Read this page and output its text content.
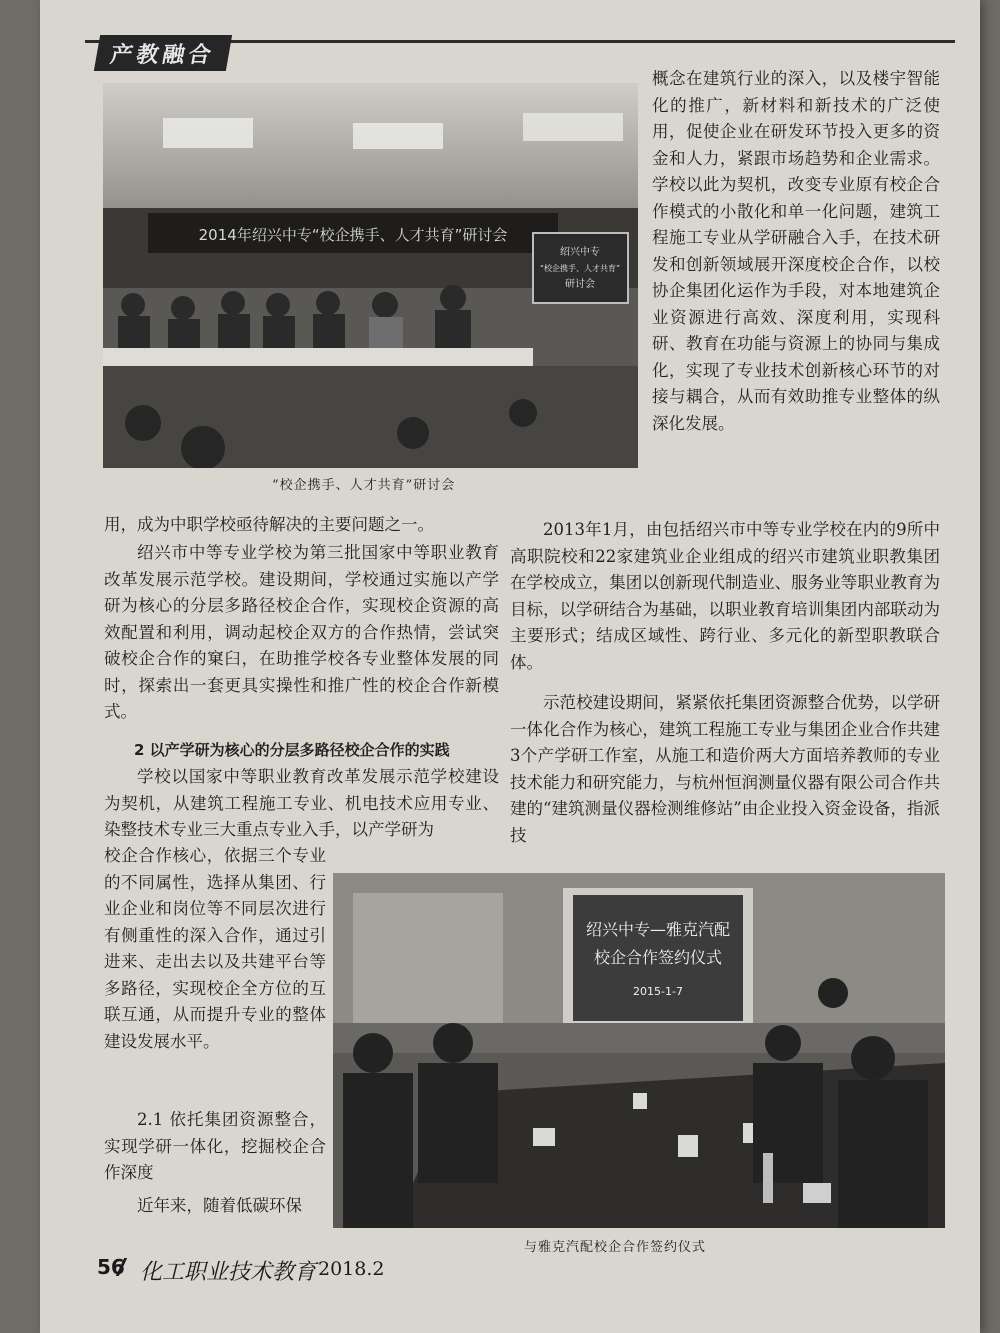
产教融合
2014年绍兴中专“校企携手、人才共育”研讨会
绍兴中专
“校企携手、人才共育”
研讨会
“校企携手、人才共育”研讨会
概念在建筑行业的深入，以及楼宇智能化的推广，新材料和新技术的广泛使用，促使企业在研发环节投入更多的资金和人力，紧跟市场趋势和企业需求。学校以此为契机，改变专业原有校企合作模式的小散化和单一化问题，建筑工程施工专业从学研融合入手，在技术研发和创新领域展开深度校企合作，以校协企集团化运作为手段，对本地建筑企业资源进行高效、深度利用，实现科研、教育在功能与资源上的协同与集成化，实现了专业技术创新核心环节的对接与耦合，从而有效助推专业整体的纵深化发展。
用，成为中职学校亟待解决的主要问题之一。
绍兴市中等专业学校为第三批国家中等职业教育改革发展示范学校。建设期间，学校通过实施以产学研为核心的分层多路径校企合作，实现校企资源的高效配置和利用，调动起校企双方的合作热情，尝试突破校企合作的窠臼，在助推学校各专业整体发展的同时，探索出一套更具实操性和推广性的校企合作新模式。
2 以产学研为核心的分层多路径校企合作的实践
学校以国家中等职业教育改革发展示范学校建设为契机，从建筑工程施工专业、机电技术应用专业、染整技术专业三大重点专业入手，以产学研为
校企合作核心，依据三个专业的不同属性，选择从集团、行业企业和岗位等不同层次进行有侧重性的深入合作，通过引进来、走出去以及共建平台等多路径，实现校企全方位的互联互通，从而提升专业的整体建设发展水平。
2.1 依托集团资源整合，实现学研一体化，挖掘校企合作深度
近年来，随着低碳环保
2013年1月，由包括绍兴市中等专业学校在内的9所中高职院校和22家建筑业企业组成的绍兴市建筑业职教集团在学校成立，集团以创新现代制造业、服务业等职业教育为目标，以学研结合为基础，以职业教育培训集团内部联动为主要形式；结成区域性、跨行业、多元化的新型职教联合体。
示范校建设期间，紧紧依托集团资源整合优势，以学研一体化合作为核心，建筑工程施工专业与集团企业合作共建3个产学研工作室，从施工和造价两大方面培养教师的专业技术能力和研究能力，与杭州恒润测量仪器有限公司合作共建的“建筑测量仪器检测维修站”由企业投入资金设备，指派技
绍兴中专—雅克汽配
校企合作签约仪式
2015-1-7
与雅克汽配校企合作签约仪式
56 化工职业技术教育 2018.2
